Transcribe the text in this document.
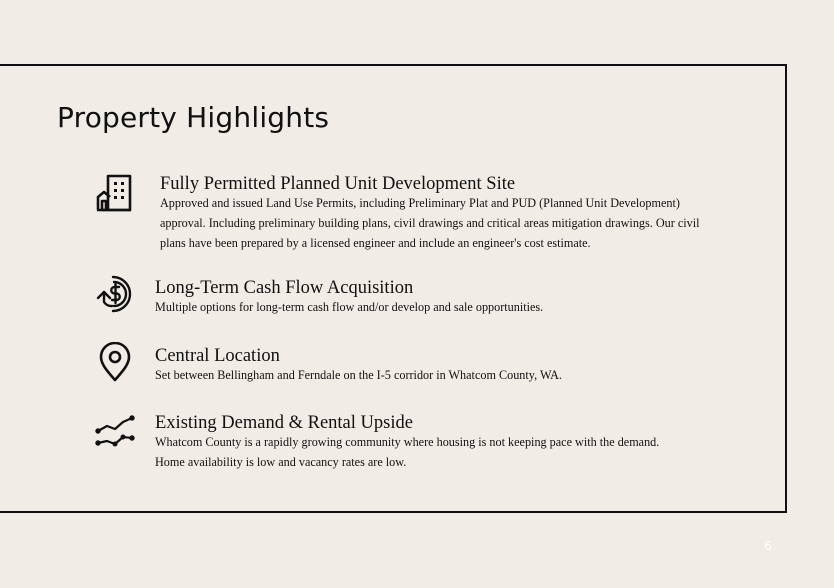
Property Highlights
Fully Permitted Planned Unit Development Site
Approved and issued Land Use Permits, including Preliminary Plat and PUD (Planned Unit Development) approval. Including preliminary building plans, civil drawings and critical areas mitigation drawings. Our civil plans have been prepared by a licensed engineer and include an engineer's cost estimate.
Long-Term Cash Flow Acquisition
Multiple options for long-term cash flow and/or develop and sale opportunities.
Central Location
Set between Bellingham and Ferndale on the I-5 corridor in Whatcom County, WA.
Existing Demand & Rental Upside
Whatcom County is a rapidly growing community where housing is not keeping pace with the demand. Home availability is low and vacancy rates are low.
6
